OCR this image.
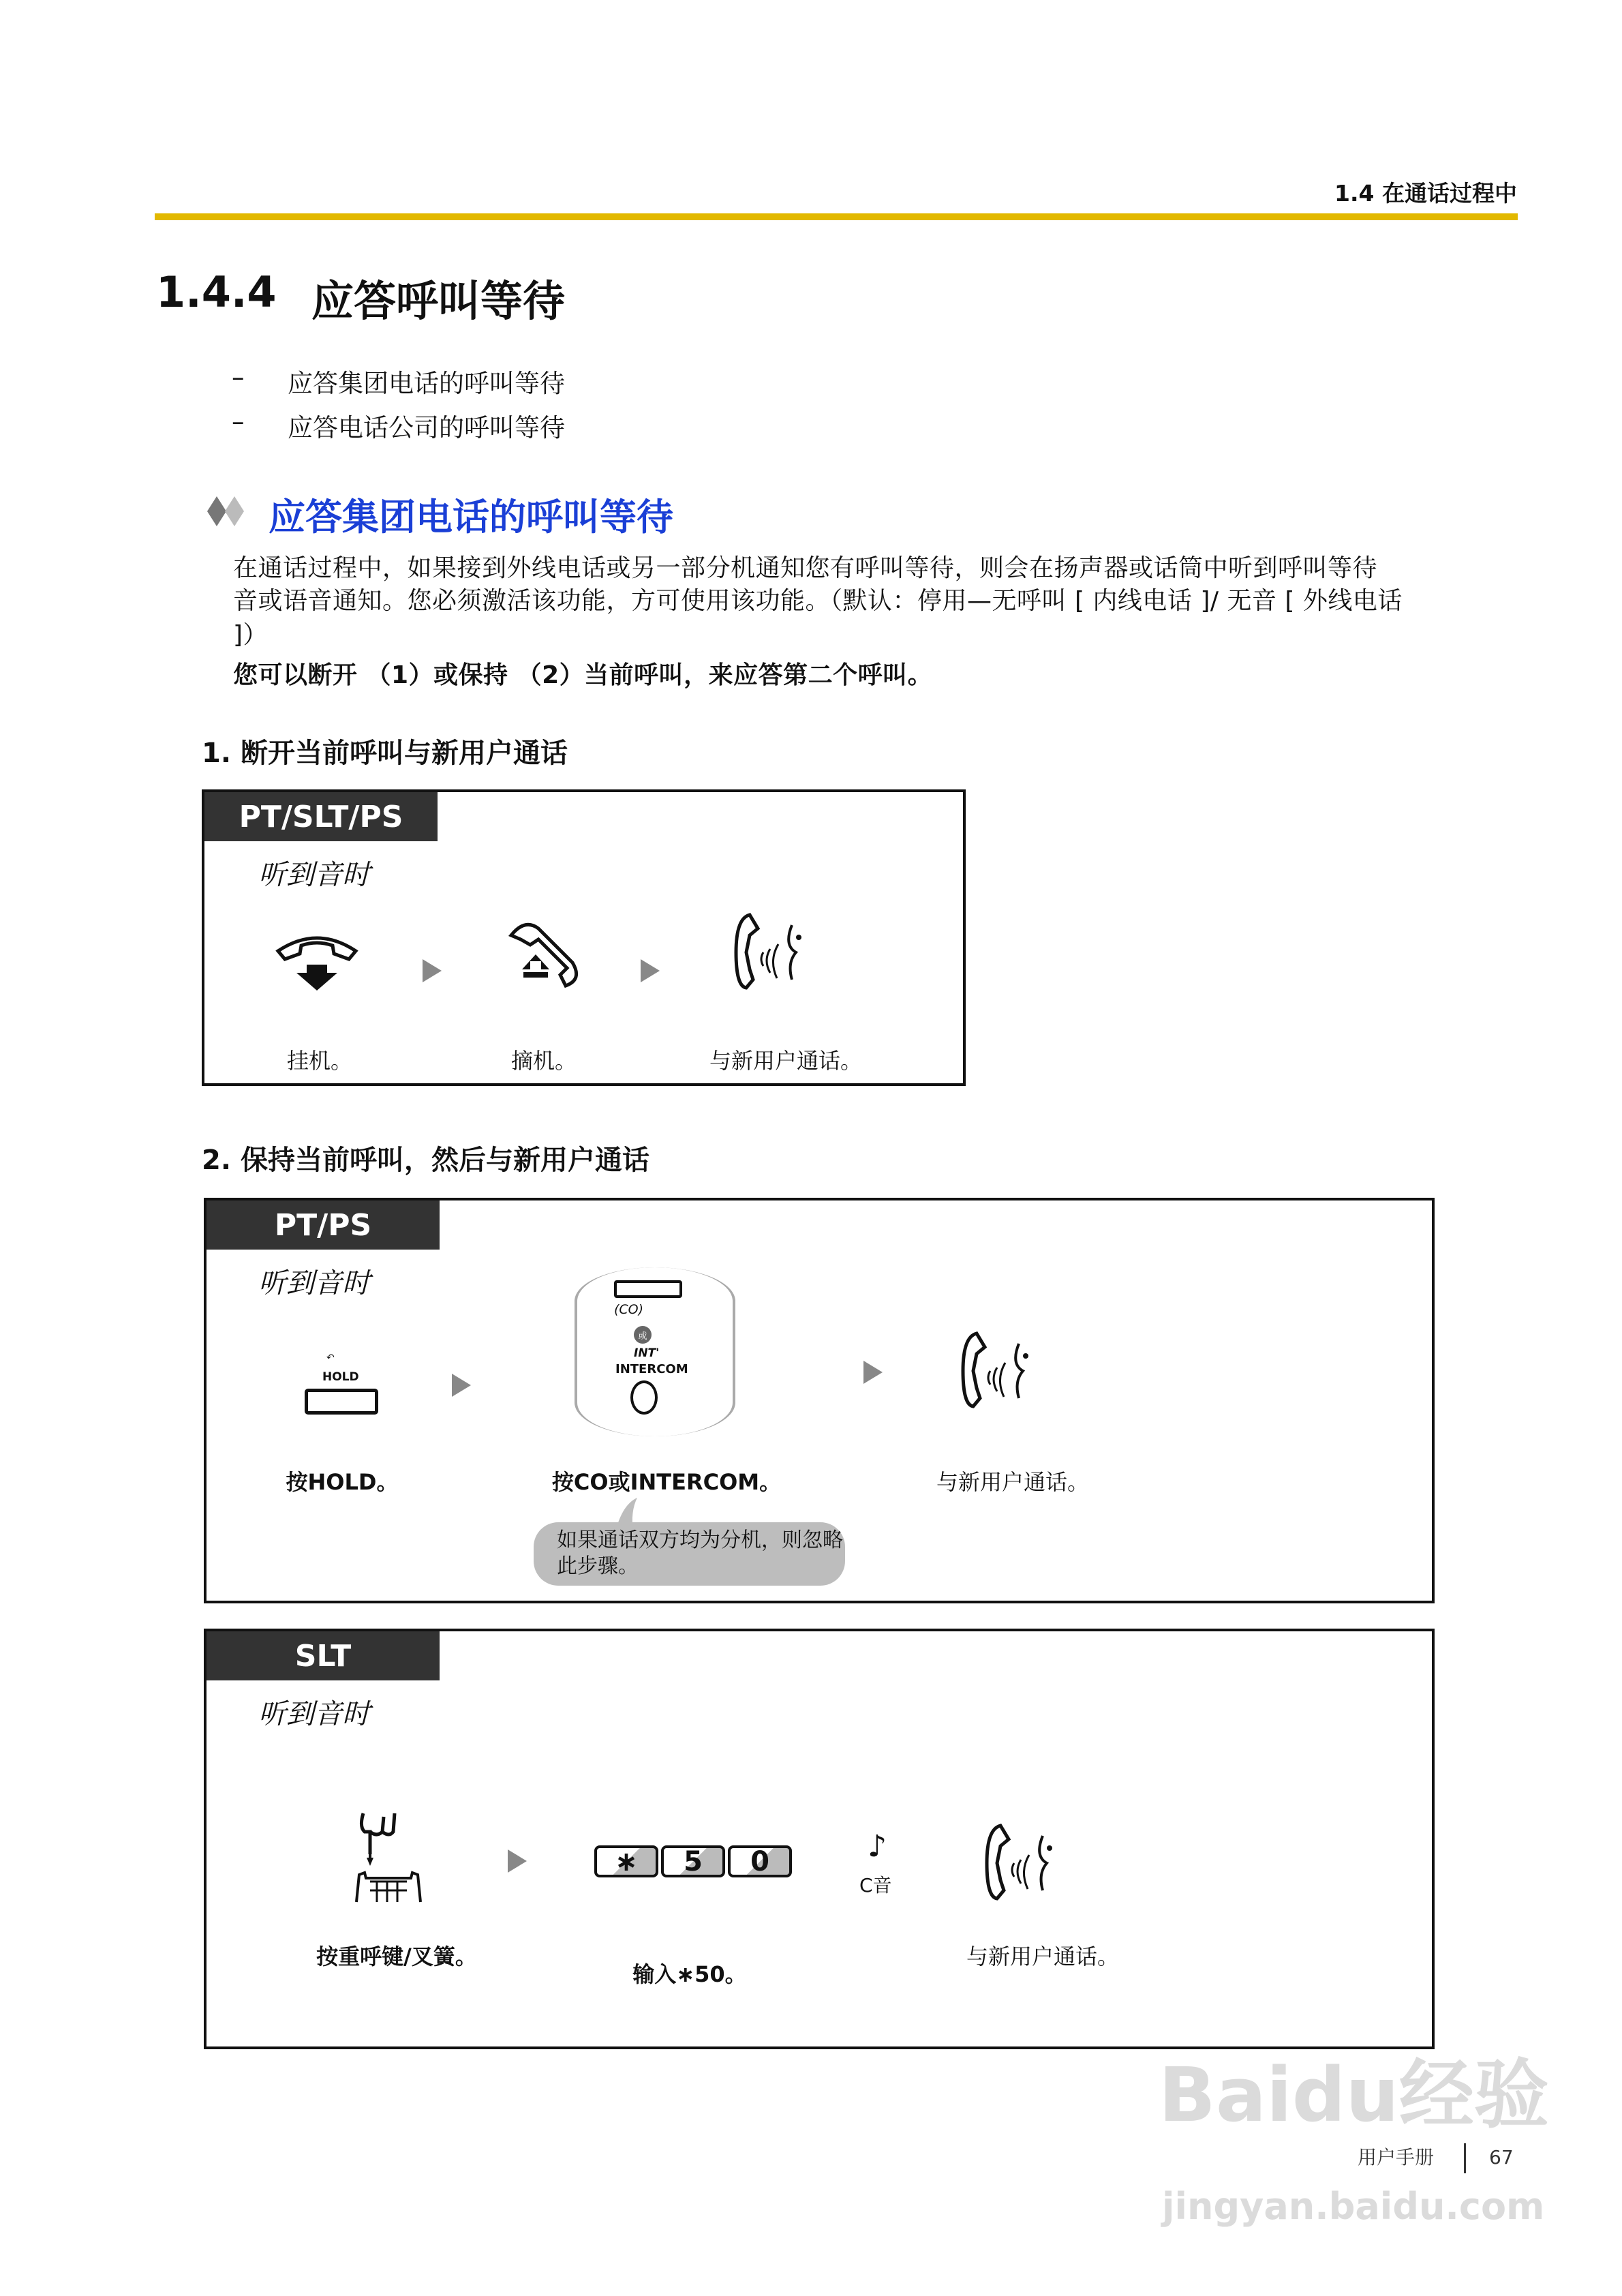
1.4 在通话过程中
1.4.4 应答呼叫等待
– 应答集团电话的呼叫等待
– 应答电话公司的呼叫等待
应答集团电话的呼叫等待
在通话过程中，如果接到外线电话或另一部分机通知您有呼叫等待，则会在扬声器或话筒中听到呼叫等待
音或语音通知。您必须激活该功能，方可使用该功能。（默认：停用—无呼叫 [ 内线电话 ]/ 无音 [ 外线电话
]）
您可以断开 （1）或保持 （2）当前呼叫，来应答第二个呼叫。
1. 断开当前呼叫与新用户通话
PT/SLT/PS
听到音时
挂机。	摘机。	与新用户通话。
2. 保持当前呼叫，然后与新用户通话
PT/PS
听到音时
↶
HOLD
(CO)
或
INT'
INTERCOM
按HOLD。	按CO或INTERCOM。	与新用户通话。
如果通话双方均为分机，则忽略此步骤。
SLT
听到音时
∗	5	0	♪
C音
按重呼键/叉簧。
输入∗50。
与新用户通话。
Baidu经验
jingyan.baidu.com
用户手册	67
